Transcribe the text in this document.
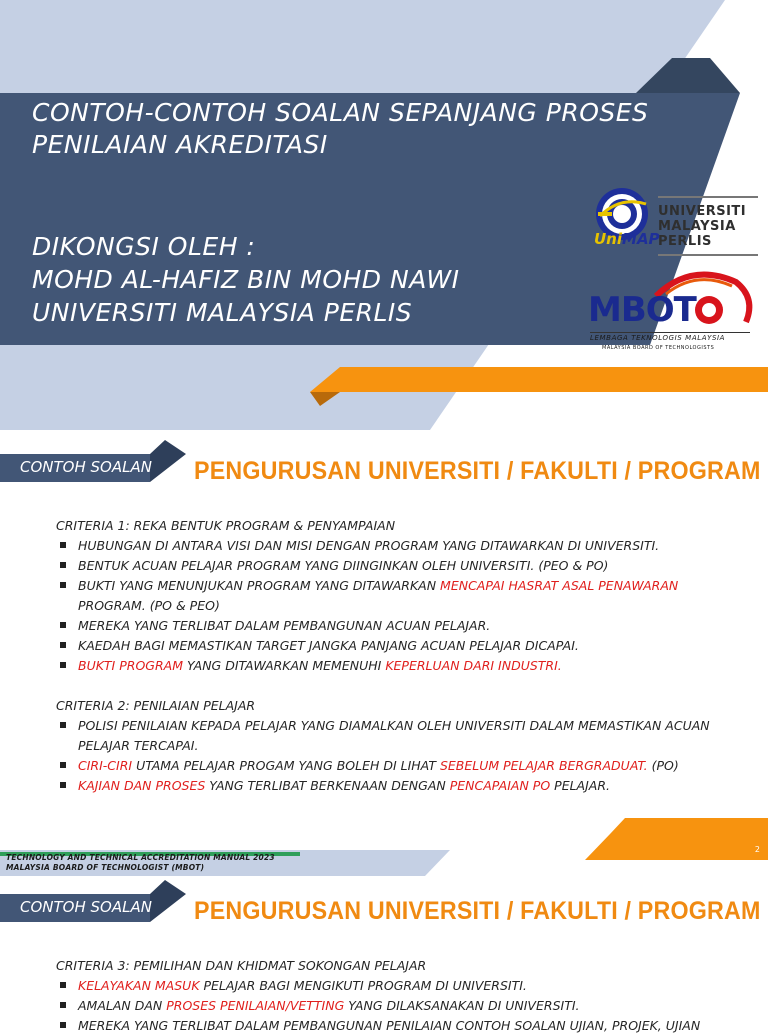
CONTOH-CONTOH SOALAN SEPANJANG PROSES
PENILAIAN AKREDITASI
DIKONGSI OLEH :
MOHD AL-HAFIZ BIN MOHD NAWI
UNIVERSITI MALAYSIA PERLIS
UNIVERSITI
MALAYSIA
PERLIS
UniMAP
MBOT
LEMBAGA TEKNOLOGIS MALAYSIA
MALAYSIA BOARD OF TECHNOLOGISTS
CONTOH SOALAN PENGURUSAN UNIVERSITI / FAKULTI / PROGRAM
CRITERIA 1: REKA BENTUK PROGRAM & PENYAMPAIAN
HUBUNGAN DI ANTARA VISI DAN MISI DENGAN PROGRAM YANG DITAWARKAN DI UNIVERSITI.
BENTUK ACUAN PELAJAR PROGRAM YANG DIINGINKAN OLEH UNIVERSITI. (PEO & PO)
BUKTI YANG MENUNJUKAN PROGRAM YANG DITAWARKAN MENCAPAI HASRAT ASAL PENAWARAN
PROGRAM. (PO & PEO)
MEREKA YANG TERLIBAT DALAM PEMBANGUNAN ACUAN PELAJAR.
KAEDAH BAGI MEMASTIKAN TARGET JANGKA PANJANG ACUAN PELAJAR DICAPAI.
BUKTI PROGRAM YANG DITAWARKAN MEMENUHI KEPERLUAN DARI INDUSTRI.
CRITERIA 2: PENILAIAN PELAJAR
POLISI PENILAIAN KEPADA PELAJAR YANG DIAMALKAN OLEH UNIVERSITI DALAM MEMASTIKAN ACUAN
PELAJAR TERCAPAI.
CIRI-CIRI UTAMA PELAJAR PROGAM YANG BOLEH DI LIHAT SEBELUM PELAJAR BERGRADUAT. (PO)
KAJIAN DAN PROSES YANG TERLIBAT BERKENAAN DENGAN PENCAPAIAN PO PELAJAR.
TECHNOLOGY AND TECHNICAL ACCREDITATION MANUAL 2023
MALAYSIA BOARD OF TECHNOLOGIST (MBOT)
2
CONTOH SOALAN PENGURUSAN UNIVERSITI / FAKULTI / PROGRAM
CRITERIA 3: PEMILIHAN DAN KHIDMAT SOKONGAN PELAJAR
KELAYAKAN MASUK PELAJAR BAGI MENGIKUTI PROGRAM DI UNIVERSITI.
AMALAN DAN PROSES PENILAIAN/VETTING YANG DILAKSANAKAN DI UNIVERSITI.
MEREKA YANG TERLIBAT DALAM PEMBANGUNAN PENILAIAN CONTOH SOALAN UJIAN, PROJEK, UJIAN
